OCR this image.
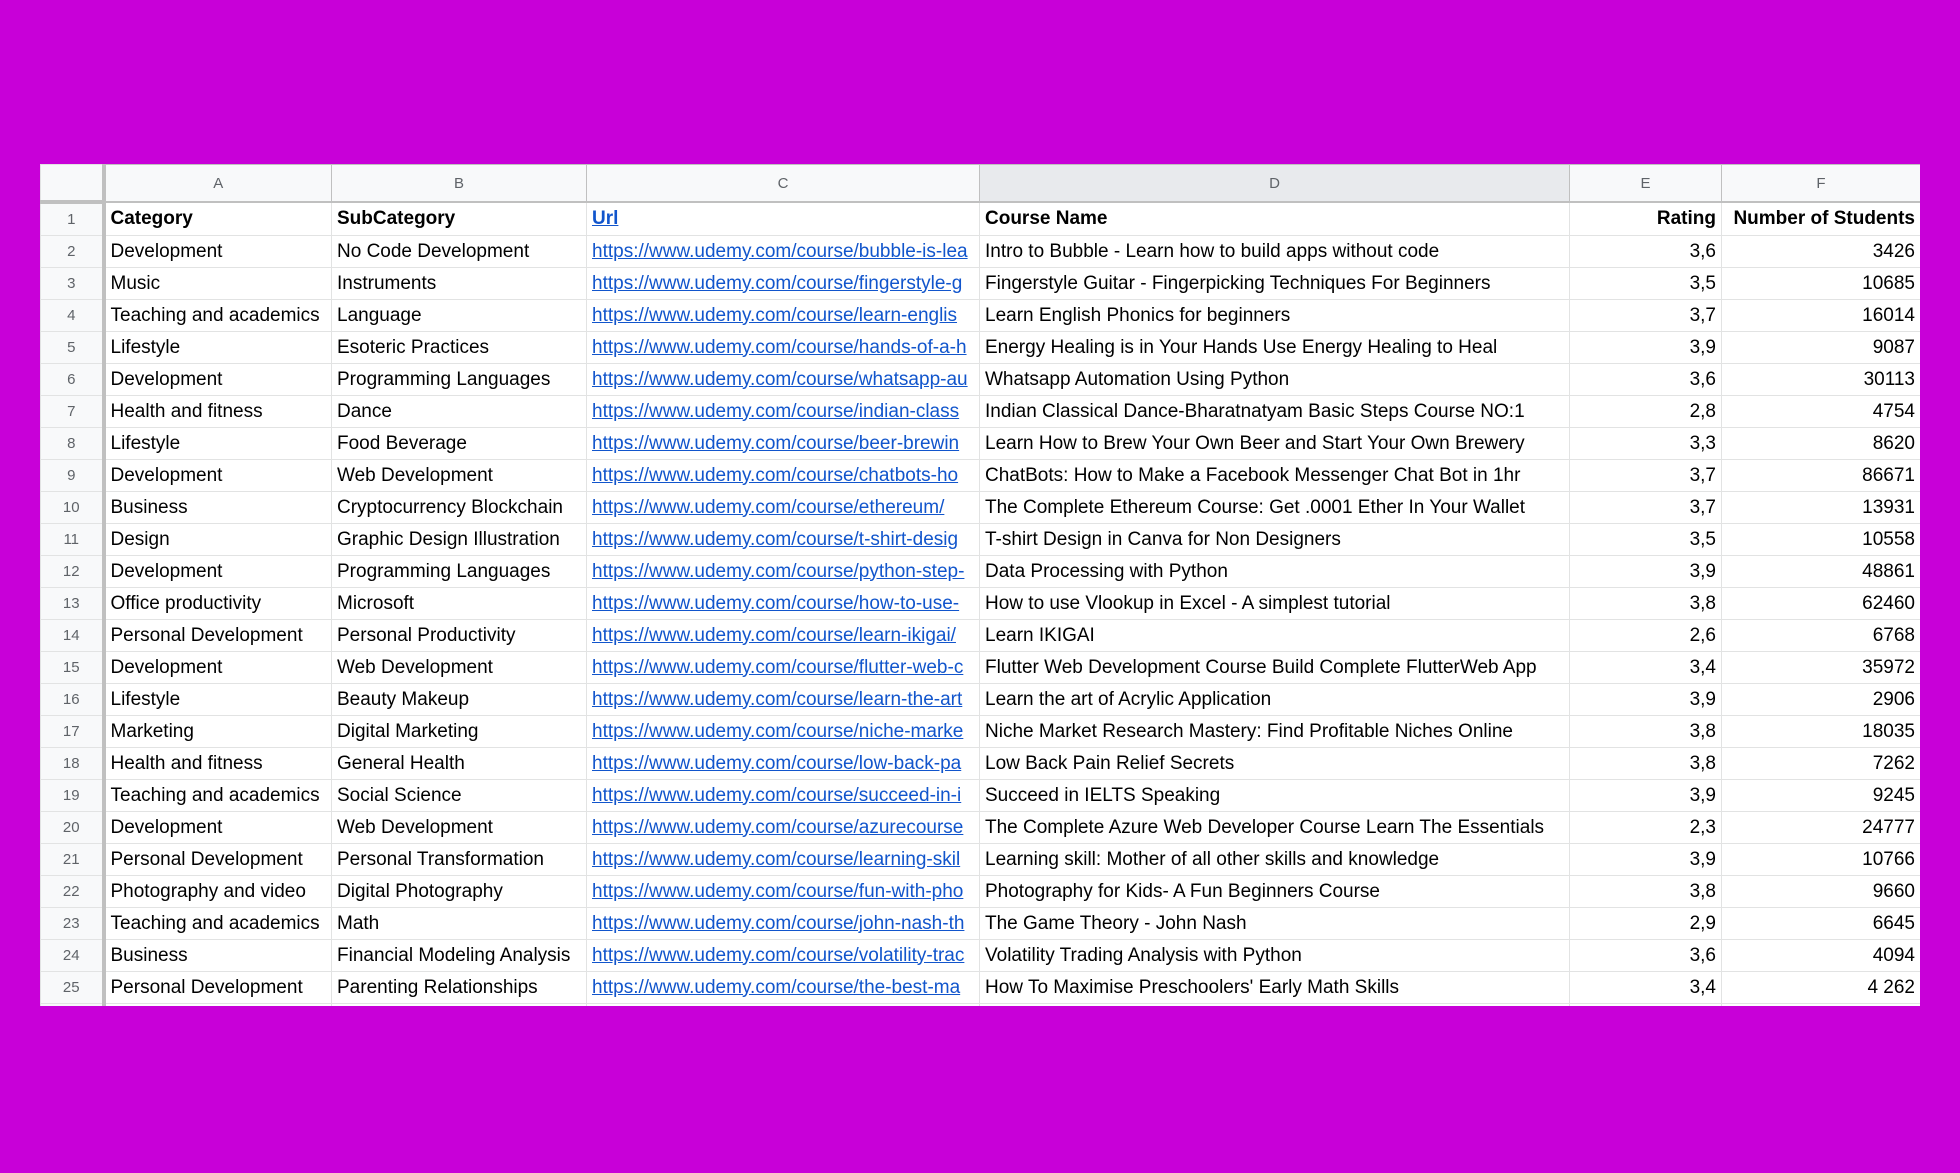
	A	B	C	D	E	F
1	Category	SubCategory	Url	Course Name	Rating	Number of Students
2	Development	No Code Development	https://www.udemy.com/course/bubble-is-lea	Intro to Bubble - Learn how to build apps without code	3,6	3426
3	Music	Instruments	https://www.udemy.com/course/fingerstyle-g	Fingerstyle Guitar - Fingerpicking Techniques For Beginners	3,5	10685
4	Teaching and academics	Language	https://www.udemy.com/course/learn-englis	Learn English Phonics for beginners	3,7	16014
5	Lifestyle	Esoteric Practices	https://www.udemy.com/course/hands-of-a-h	Energy Healing is in Your Hands Use Energy Healing to Heal	3,9	9087
6	Development	Programming Languages	https://www.udemy.com/course/whatsapp-au	Whatsapp Automation Using Python	3,6	30113
7	Health and fitness	Dance	https://www.udemy.com/course/indian-class	Indian Classical Dance-Bharatnatyam Basic Steps Course NO:1	2,8	4754
8	Lifestyle	Food Beverage	https://www.udemy.com/course/beer-brewin	Learn How to Brew Your Own Beer and Start Your Own Brewery	3,3	8620
9	Development	Web Development	https://www.udemy.com/course/chatbots-ho	ChatBots: How to Make a Facebook Messenger Chat Bot in 1hr	3,7	86671
10	Business	Cryptocurrency Blockchain	https://www.udemy.com/course/ethereum/	The Complete Ethereum Course: Get .0001 Ether In Your Wallet	3,7	13931
11	Design	Graphic Design Illustration	https://www.udemy.com/course/t-shirt-desig	T-shirt Design in Canva for Non Designers	3,5	10558
12	Development	Programming Languages	https://www.udemy.com/course/python-step-	Data Processing with Python	3,9	48861
13	Office productivity	Microsoft	https://www.udemy.com/course/how-to-use-	How to use Vlookup in Excel - A simplest tutorial	3,8	62460
14	Personal Development	Personal Productivity	https://www.udemy.com/course/learn-ikigai/	Learn IKIGAI	2,6	6768
15	Development	Web Development	https://www.udemy.com/course/flutter-web-c	Flutter Web Development Course Build Complete FlutterWeb App	3,4	35972
16	Lifestyle	Beauty Makeup	https://www.udemy.com/course/learn-the-art	Learn the art of Acrylic Application	3,9	2906
17	Marketing	Digital Marketing	https://www.udemy.com/course/niche-marke	Niche Market Research Mastery: Find Profitable Niches Online	3,8	18035
18	Health and fitness	General Health	https://www.udemy.com/course/low-back-pa	Low Back Pain Relief Secrets	3,8	7262
19	Teaching and academics	Social Science	https://www.udemy.com/course/succeed-in-i	Succeed in IELTS Speaking	3,9	9245
20	Development	Web Development	https://www.udemy.com/course/azurecourse	The Complete Azure Web Developer Course Learn The Essentials	2,3	24777
21	Personal Development	Personal Transformation	https://www.udemy.com/course/learning-skil	Learning skill: Mother of all other skills and knowledge	3,9	10766
22	Photography and video	Digital Photography	https://www.udemy.com/course/fun-with-pho	Photography for Kids- A Fun Beginners Course	3,8	9660
23	Teaching and academics	Math	https://www.udemy.com/course/john-nash-th	The Game Theory - John Nash	2,9	6645
24	Business	Financial Modeling Analysis	https://www.udemy.com/course/volatility-trac	Volatility Trading Analysis with Python	3,6	4094
25	Personal Development	Parenting Relationships	https://www.udemy.com/course/the-best-ma	How To Maximise Preschoolers' Early Math Skills	3,4	4 262
